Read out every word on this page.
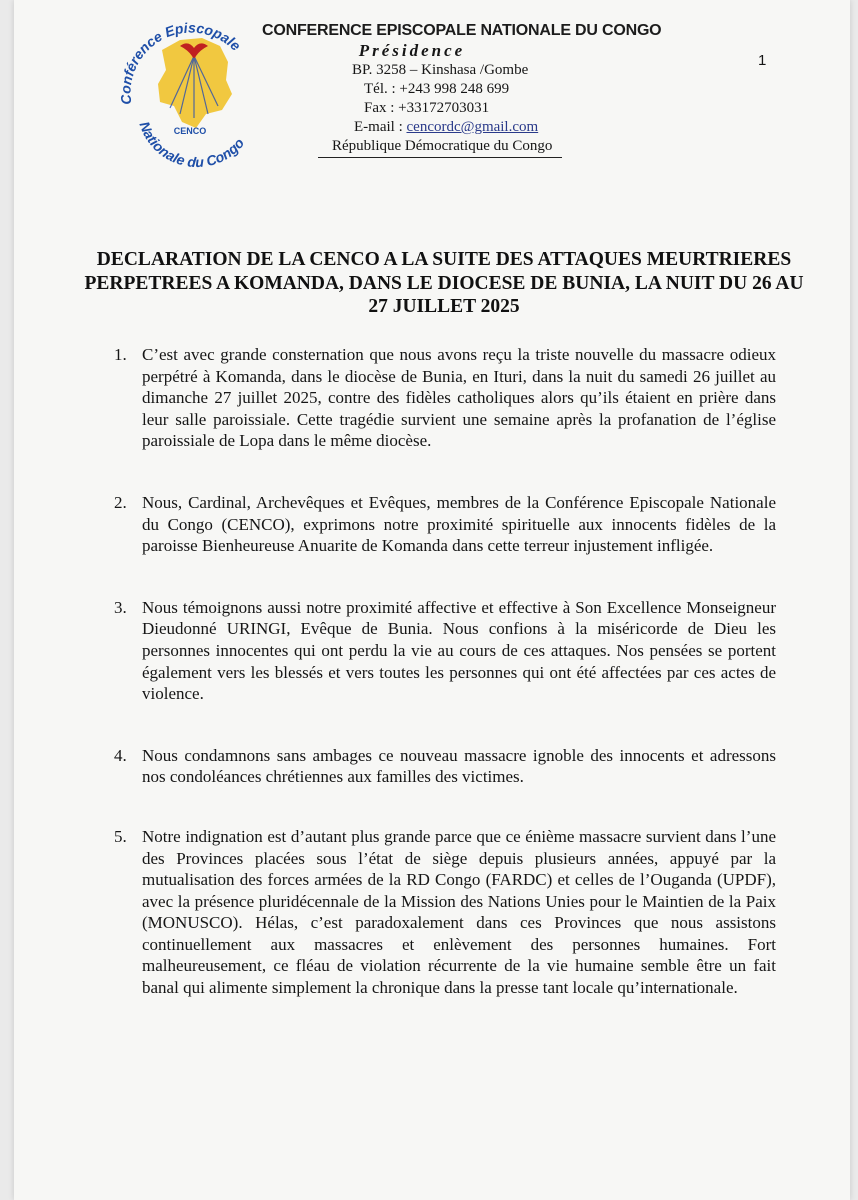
Conférence Episcopale
Nationale du Congo
CENCO
CONFERENCE EPISCOPALE NATIONALE DU CONGO
Présidence
BP. 3258 – Kinshasa /Gombe
Tél. : +243 998 248 699
Fax : +33172703031
E-mail : cencordc@gmail.com
République Démocratique du Congo
1
DECLARATION DE LA CENCO A LA SUITE DES ATTAQUES MEURTRIERES PERPETREES A KOMANDA, DANS LE DIOCESE DE BUNIA, LA NUIT DU 26 AU 27 JUILLET 2025
1. C’est avec grande consternation que nous avons reçu la triste nouvelle du massacre odieux perpétré à Komanda, dans le diocèse de Bunia, en Ituri, dans la nuit du samedi 26 juillet au dimanche 27 juillet 2025, contre des fidèles catholiques alors qu’ils étaient en prière dans leur salle paroissiale. Cette tragédie survient une semaine après la profanation de l’église paroissiale de Lopa dans le même diocèse.
2. Nous, Cardinal, Archevêques et Evêques, membres de la Conférence Episcopale Nationale du Congo (CENCO), exprimons notre proximité spirituelle aux innocents fidèles de la paroisse Bienheureuse Anuarite de Komanda dans cette terreur injustement infligée.
3. Nous témoignons aussi notre proximité affective et effective à Son Excellence Monseigneur Dieudonné URINGI, Evêque de Bunia. Nous confions à la miséricorde de Dieu les personnes innocentes qui ont perdu la vie au cours de ces attaques. Nos pensées se portent également vers les blessés et vers toutes les personnes qui ont été affectées par ces actes de violence.
4. Nous condamnons sans ambages ce nouveau massacre ignoble des innocents et adressons nos condoléances chrétiennes aux familles des victimes.
5. Notre indignation est d’autant plus grande parce que ce énième massacre survient dans l’une des Provinces placées sous l’état de siège depuis plusieurs années, appuyé par la mutualisation des forces armées de la RD Congo (FARDC) et celles de l’Ouganda (UPDF), avec la présence pluridécennale de la Mission des Nations Unies pour le Maintien de la Paix (MONUSCO). Hélas, c’est paradoxalement dans ces Provinces que nous assistons continuellement aux massacres et enlèvement des personnes humaines. Fort malheureusement, ce fléau de violation récurrente de la vie humaine semble être un fait banal qui alimente simplement la chronique dans la presse tant locale qu’internationale.
